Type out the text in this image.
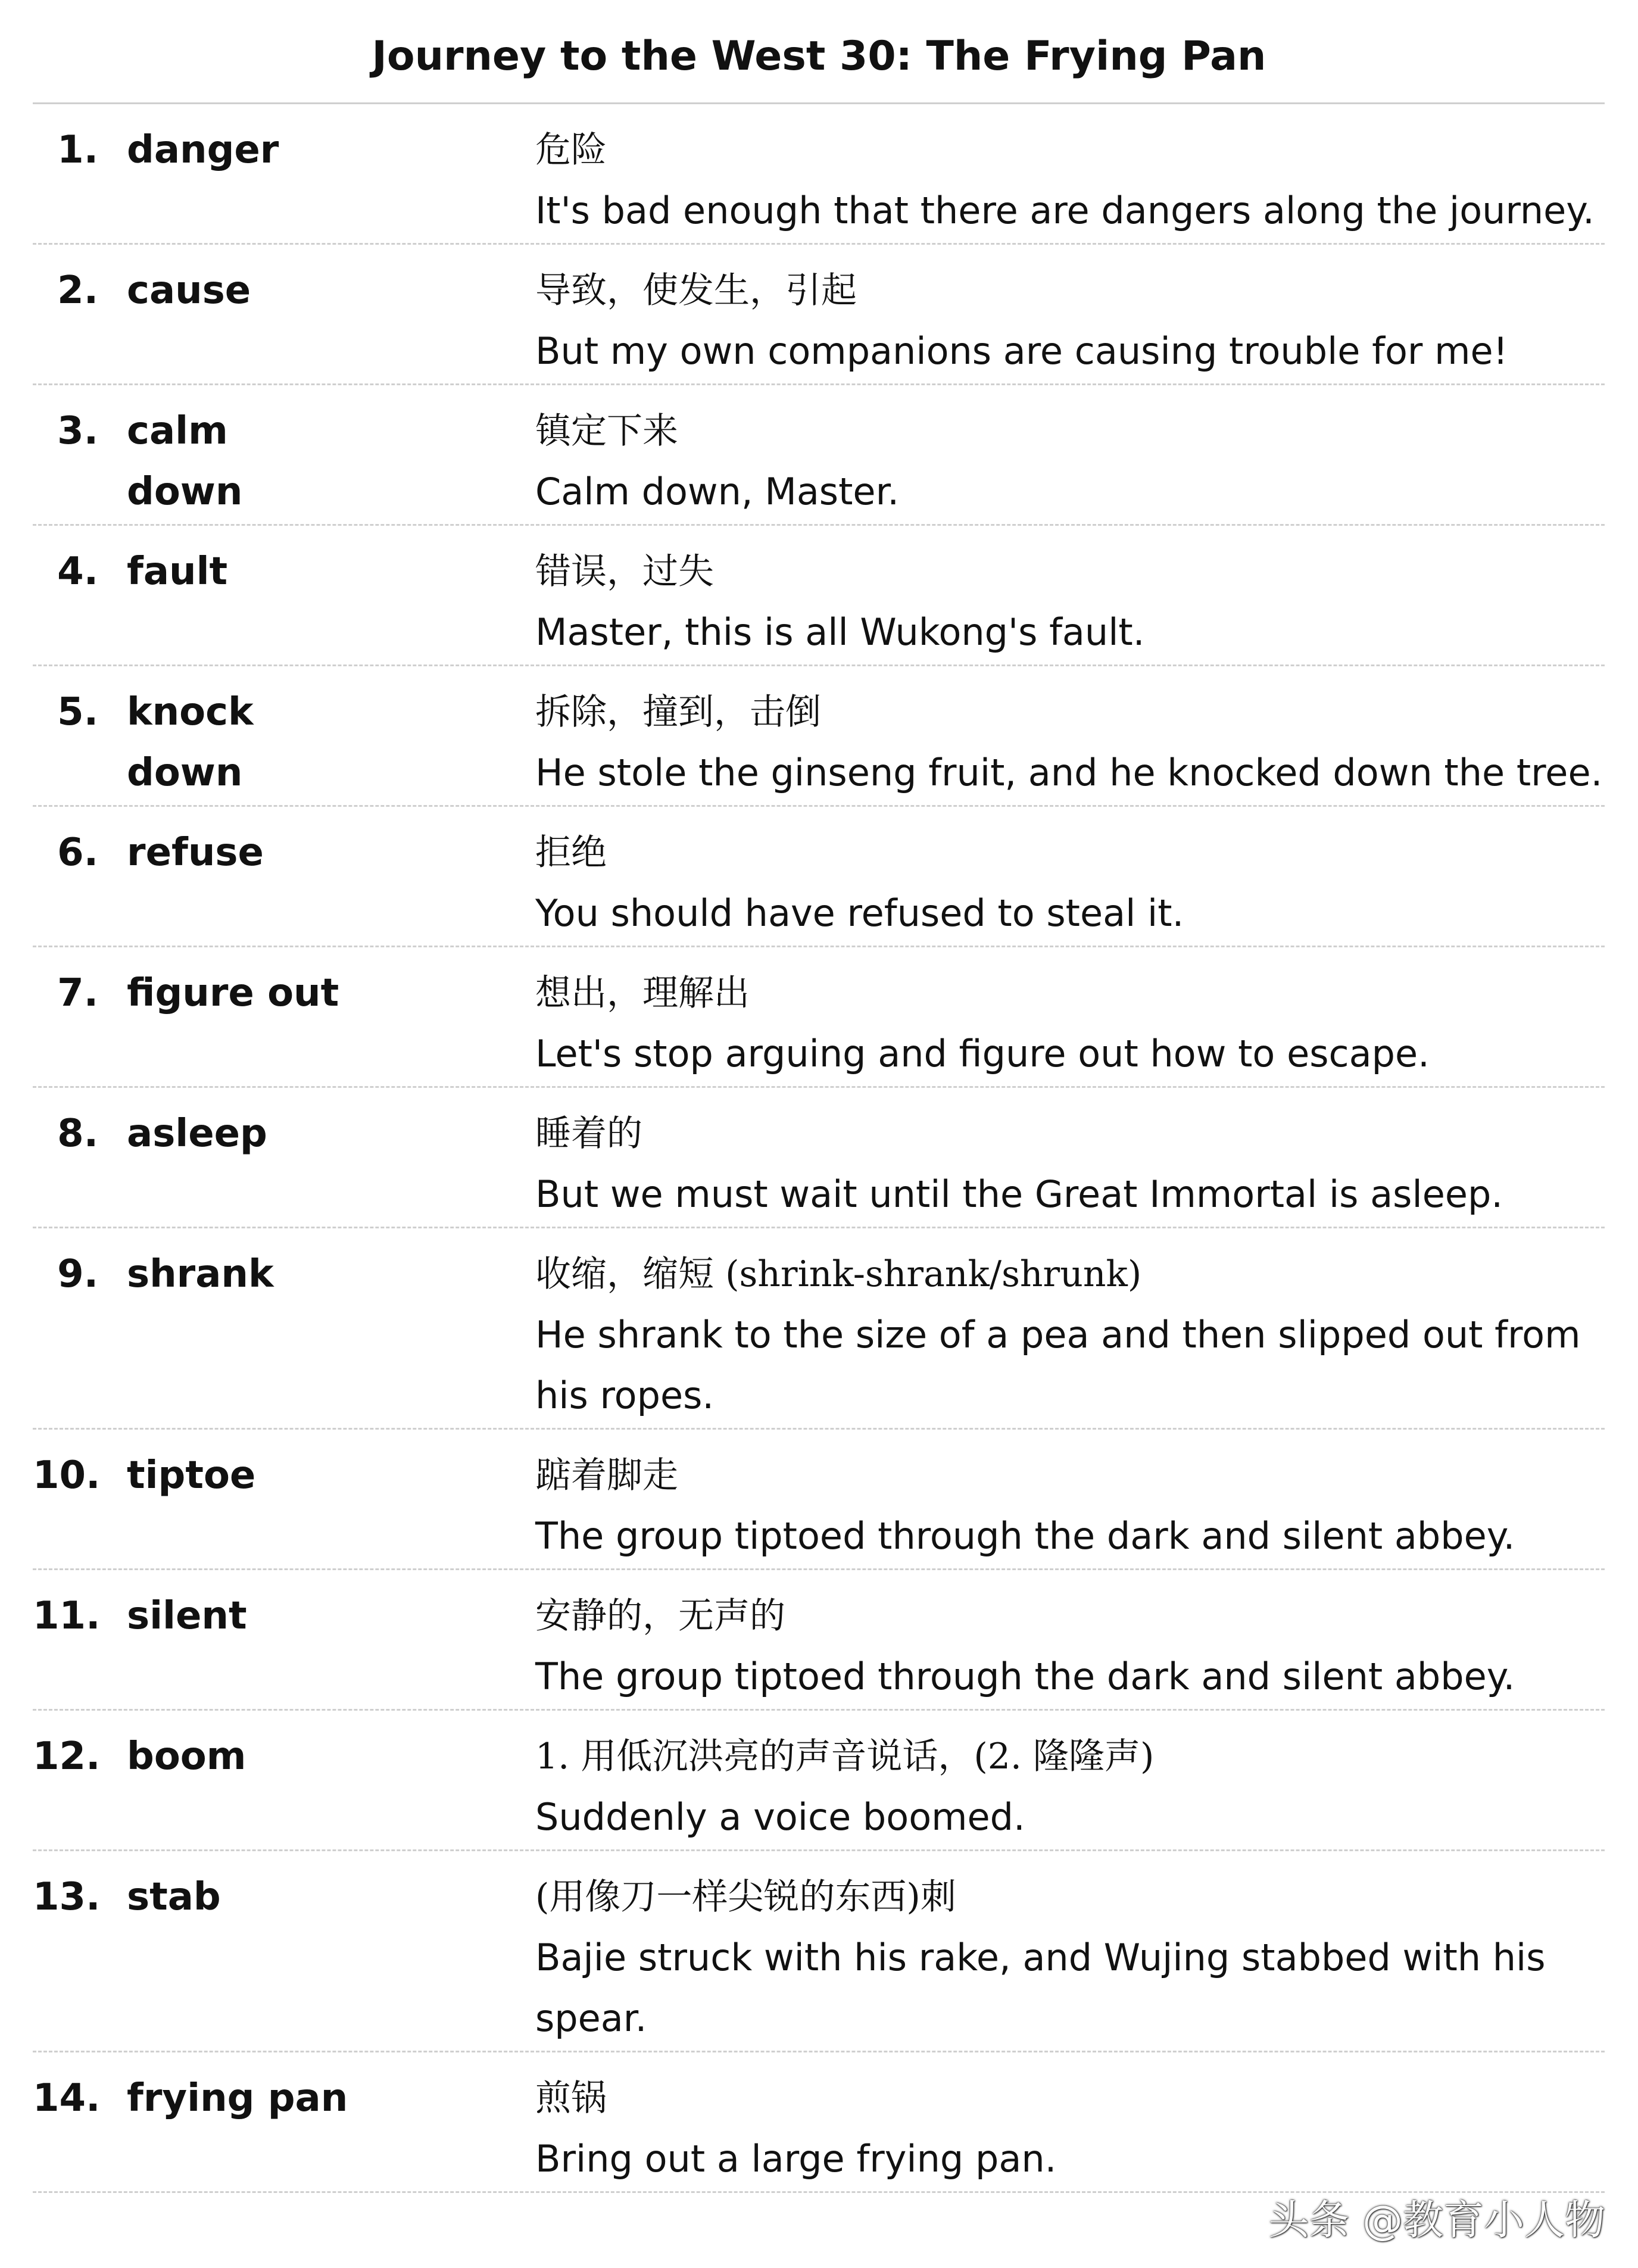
Journey to the West 30: The Frying Pan
1. danger	危险
It's bad enough that there are dangers along the journey.
2. cause	导致，使发生，引起
But my own companions are causing trouble for me!
3. calm down
镇定下来
Calm down, Master.
4. fault	错误，过失
Master, this is all Wukong's fault.
5. knock down
拆除，撞到，击倒
He stole the ginseng fruit, and he knocked down the tree.
6. refuse	拒绝
You should have refused to steal it.
7. figure out	想出，理解出
Let's stop arguing and figure out how to escape.
8. asleep	睡着的
But we must wait until the Great Immortal is asleep.
9. shrank	收缩，缩短 (shrink-shrank/shrunk)
He shrank to the size of a pea and then slipped out from his ropes.
10. tiptoe	踮着脚走
The group tiptoed through the dark and silent abbey.
11. silent	安静的，无声的
The group tiptoed through the dark and silent abbey.
12. boom	1. 用低沉洪亮的声音说话，(2. 隆隆声)
Suddenly a voice boomed.
13. stab	(用像刀一样尖锐的东西)刺
Bajie struck with his rake, and Wujing stabbed with his spear.
14. frying pan	煎锅
Bring out a large frying pan.
头条 @教育小人物
